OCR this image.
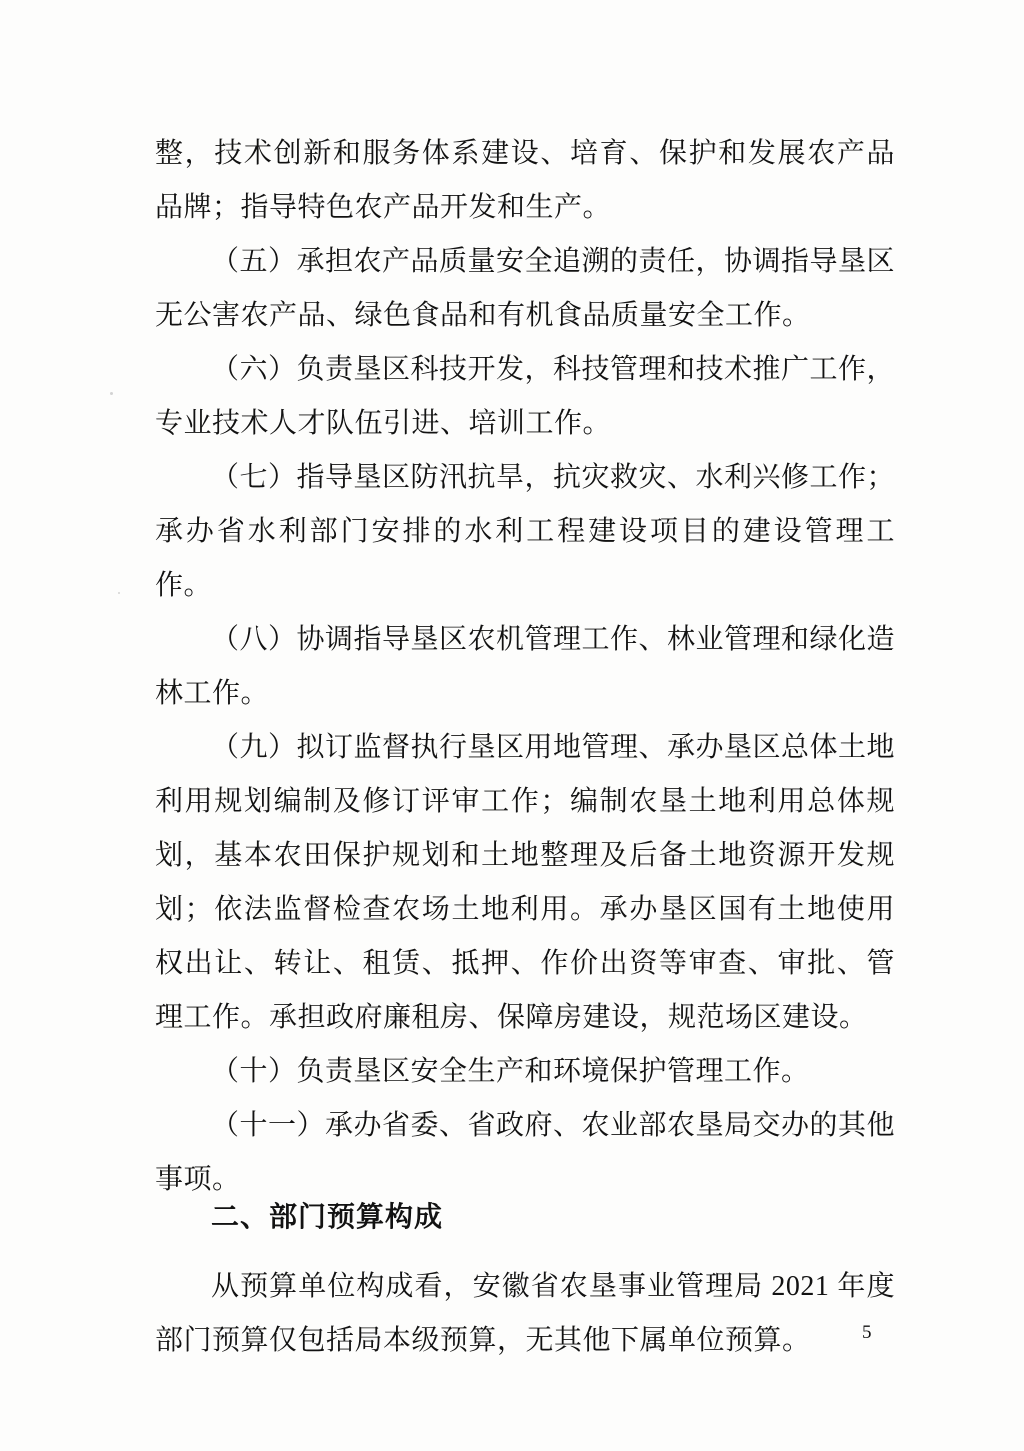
整，技术创新和服务体系建设、培育、保护和发展农产品品牌；指导特色农产品开发和生产。

（五）承担农产品质量安全追溯的责任，协调指导垦区无公害农产品、绿色食品和有机食品质量安全工作。

（六）负责垦区科技开发，科技管理和技术推广工作，专业技术人才队伍引进、培训工作。

（七）指导垦区防汛抗旱，抗灾救灾、水利兴修工作；承办省水利部门安排的水利工程建设项目的建设管理工作。

（八）协调指导垦区农机管理工作、林业管理和绿化造林工作。

（九）拟订监督执行垦区用地管理、承办垦区总体土地利用规划编制及修订评审工作；编制农垦土地利用总体规划，基本农田保护规划和土地整理及后备土地资源开发规划；依法监督检查农场土地利用。承办垦区国有土地使用权出让、转让、租赁、抵押、作价出资等审查、审批、管理工作。承担政府廉租房、保障房建设，规范场区建设。

（十）负责垦区安全生产和环境保护管理工作。

（十一）承办省委、省政府、农业部农垦局交办的其他事项。

二、部门预算构成

从预算单位构成看，安徽省农垦事业管理局 2021 年度部门预算仅包括局本级预算，无其他下属单位预算。	5
